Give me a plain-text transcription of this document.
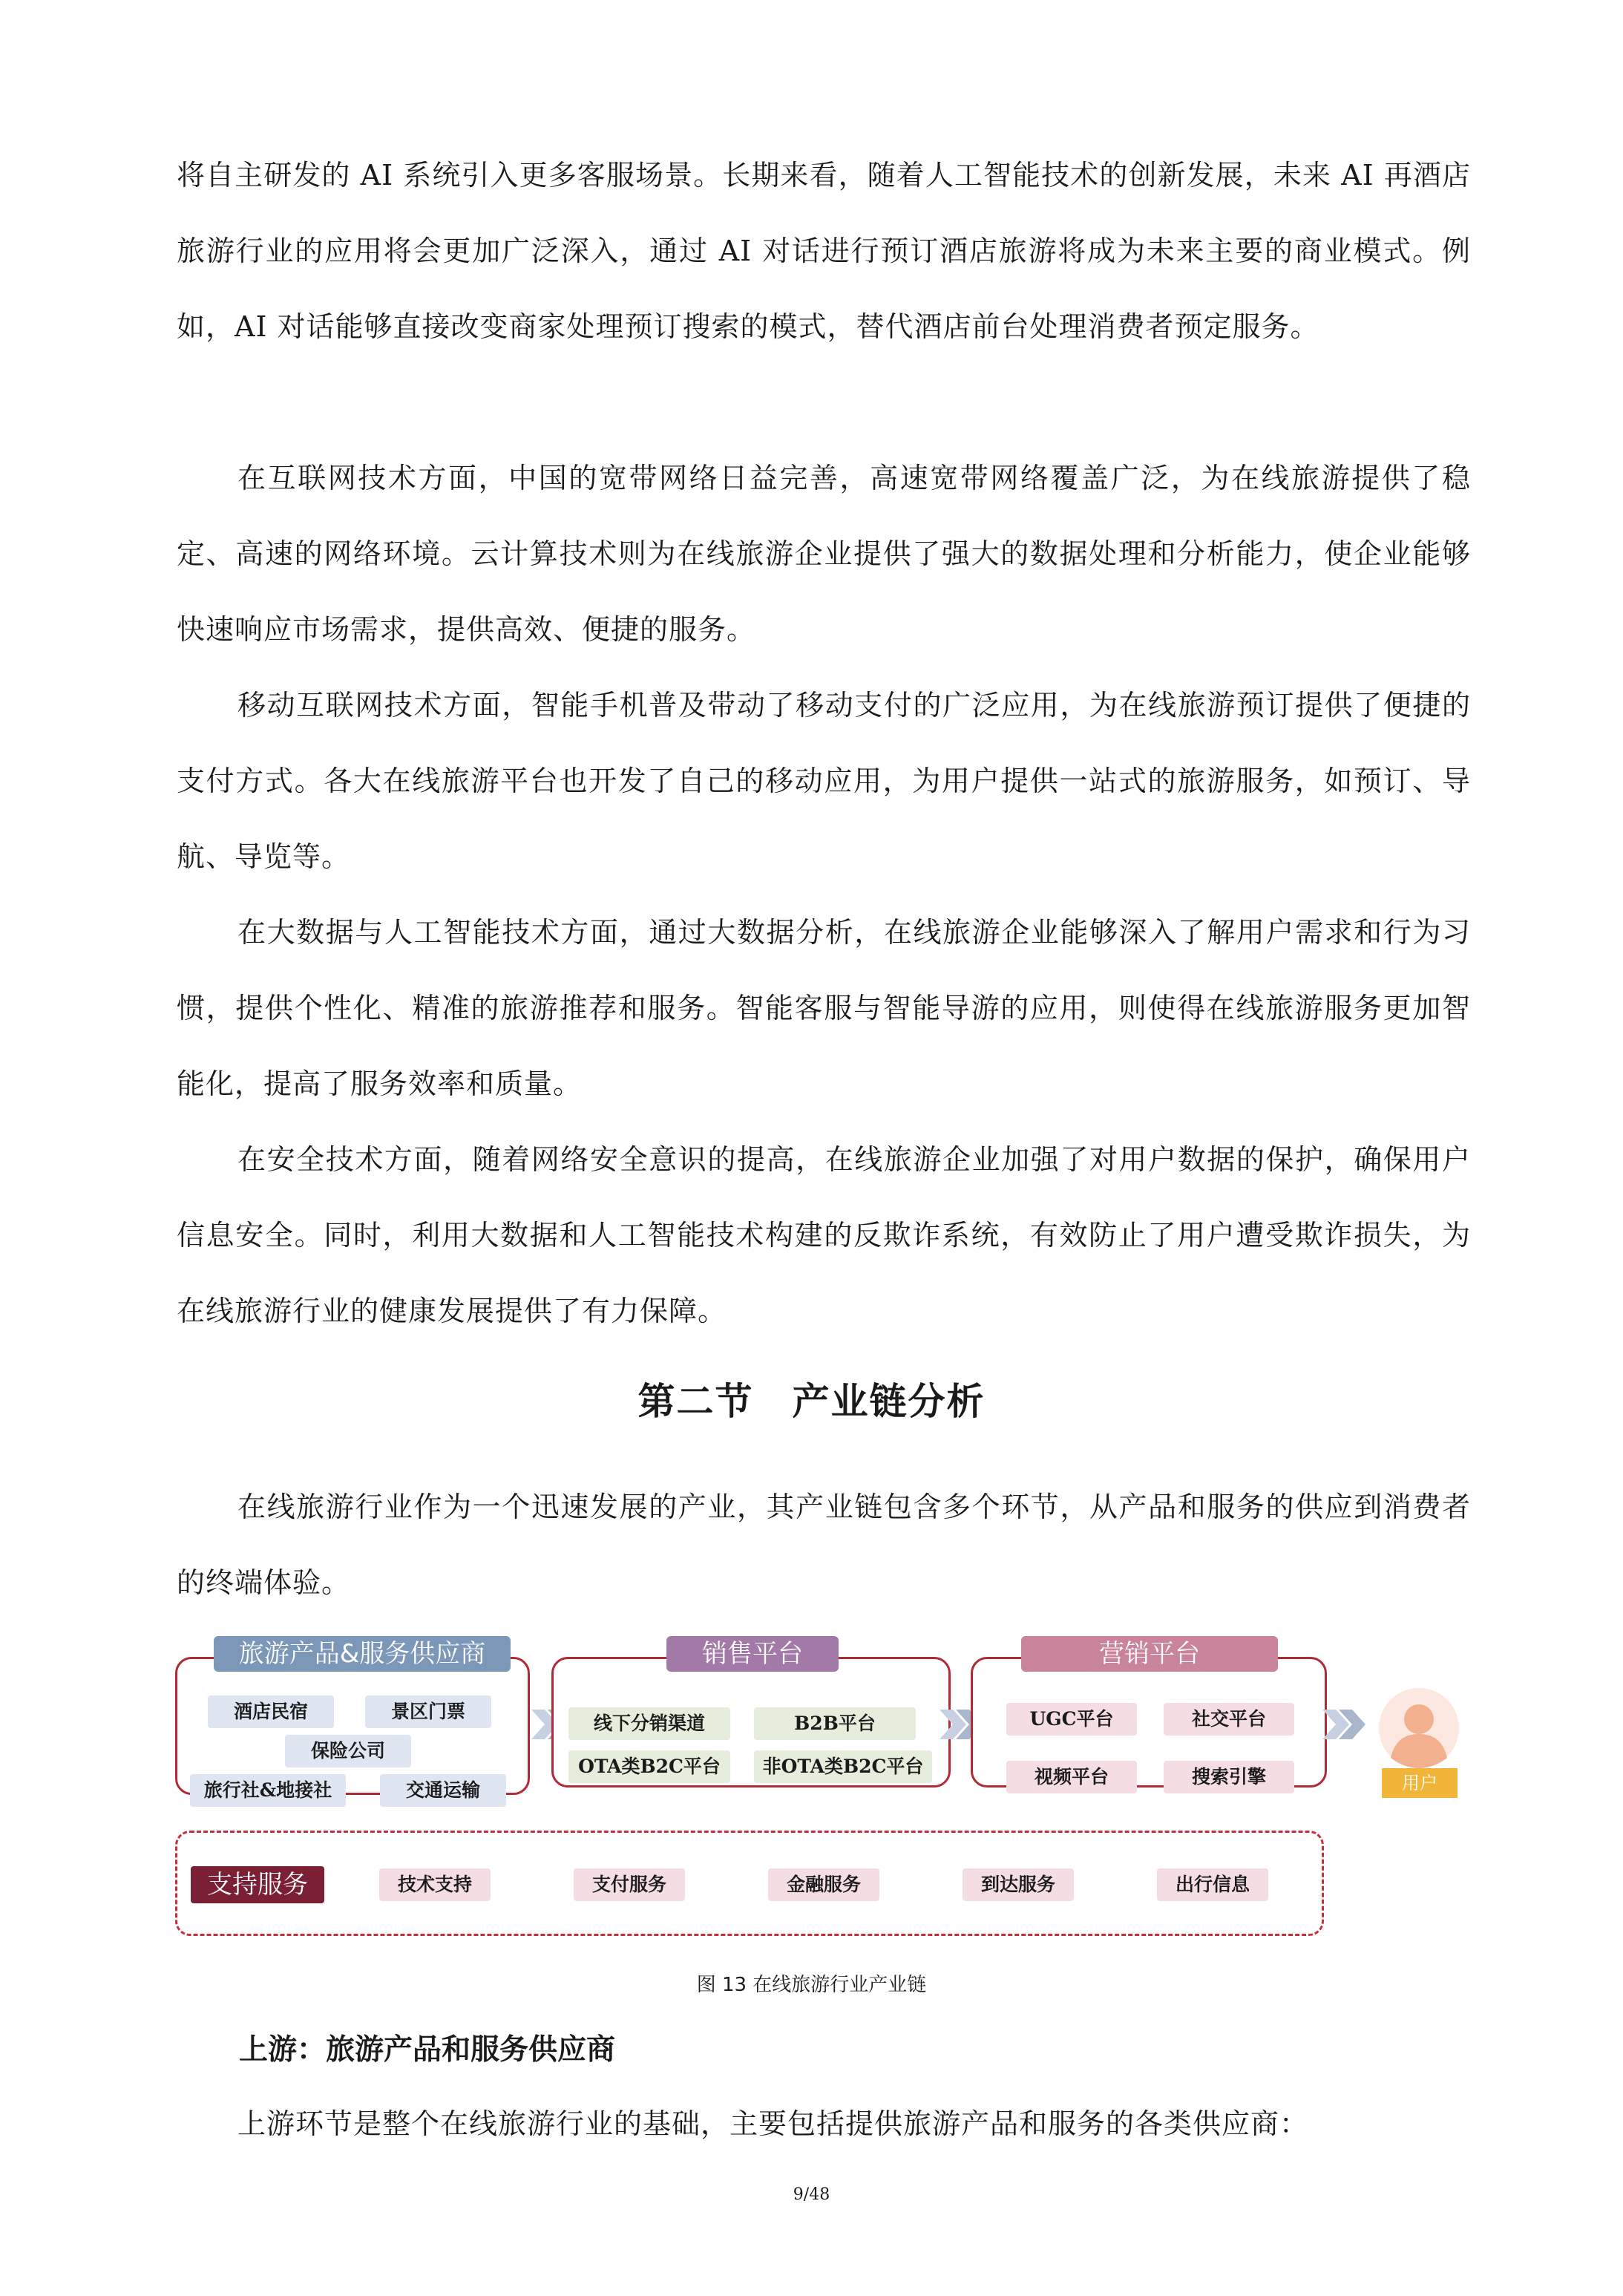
将自主研发的 AI 系统引入更多客服场景。长期来看，随着人工智能技术的创新发展，未来 AI 再酒店旅游行业的应用将会更加广泛深入，通过 AI 对话进行预订酒店旅游将成为未来主要的商业模式。例如，AI 对话能够直接改变商家处理预订搜索的模式，替代酒店前台处理消费者预定服务。

在互联网技术方面，中国的宽带网络日益完善，高速宽带网络覆盖广泛，为在线旅游提供了稳定、高速的网络环境。云计算技术则为在线旅游企业提供了强大的数据处理和分析能力，使企业能够快速响应市场需求，提供高效、便捷的服务。

移动互联网技术方面，智能手机普及带动了移动支付的广泛应用，为在线旅游预订提供了便捷的支付方式。各大在线旅游平台也开发了自己的移动应用，为用户提供一站式的旅游服务，如预订、导航、导览等。

在大数据与人工智能技术方面，通过大数据分析，在线旅游企业能够深入了解用户需求和行为习惯，提供个性化、精准的旅游推荐和服务。智能客服与智能导游的应用，则使得在线旅游服务更加智能化，提高了服务效率和质量。

在安全技术方面，随着网络安全意识的提高，在线旅游企业加强了对用户数据的保护，确保用户信息安全。同时，利用大数据和人工智能技术构建的反欺诈系统，有效防止了用户遭受欺诈损失，为在线旅游行业的健康发展提供了有力保障。

第二节　产业链分析

在线旅游行业作为一个迅速发展的产业，其产业链包含多个环节，从产品和服务的供应到消费者的终端体验。

旅游产品&服务供应商
酒店民宿	景区门票
保险公司
旅行社&地接社	交通运输
销售平台
线下分销渠道	B2B平台
OTA类B2C平台	非OTA类B2C平台
营销平台
UGC平台	社交平台
视频平台	搜索引擎	用户
支持服务	技术支持	支付服务	金融服务	到达服务	出行信息

图 13 在线旅游行业产业链

上游：旅游产品和服务供应商

上游环节是整个在线旅游行业的基础，主要包括提供旅游产品和服务的各类供应商：

9/48
